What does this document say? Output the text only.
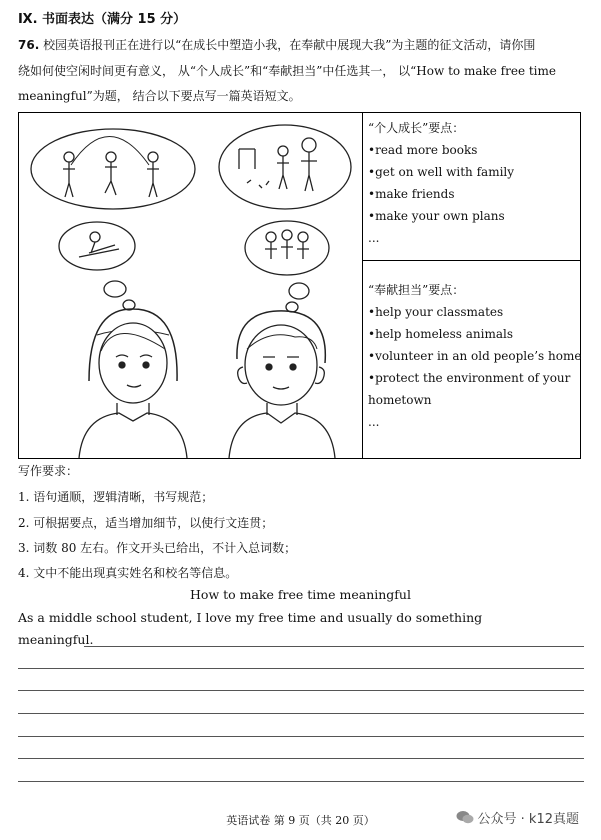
Ⅸ. 书面表达（满分 15 分）
76. 校园英语报刊正在进行以“在成长中塑造小我，在奉献中展现大我”为主题的征文活动，请你围
绕如何使空闲时间更有意义， 从“个人成长”和“奉献担当”中任选其一， 以“How to make free time
meaningful”为题， 结合以下要点写一篇英语短文。
“个人成长”要点：
•read more books
•get on well with family
•make friends
•make your own plans
...
“奉献担当”要点：
•help your classmates
•help homeless animals
•volunteer in an old people’s home
•protect the environment of your
hometown
...
写作要求：
1. 语句通顺，逻辑清晰，书写规范；
2. 可根据要点，适当增加细节，以使行文连贯；
3. 词数 80 左右。作文开头已给出，不计入总词数；
4. 文中不能出现真实姓名和校名等信息。
How to make free time meaningful
As a middle school student, I love my free time and usually do something
meaningful.
英语试卷 第 9 页（共 20 页）	公众号 · k12真题
